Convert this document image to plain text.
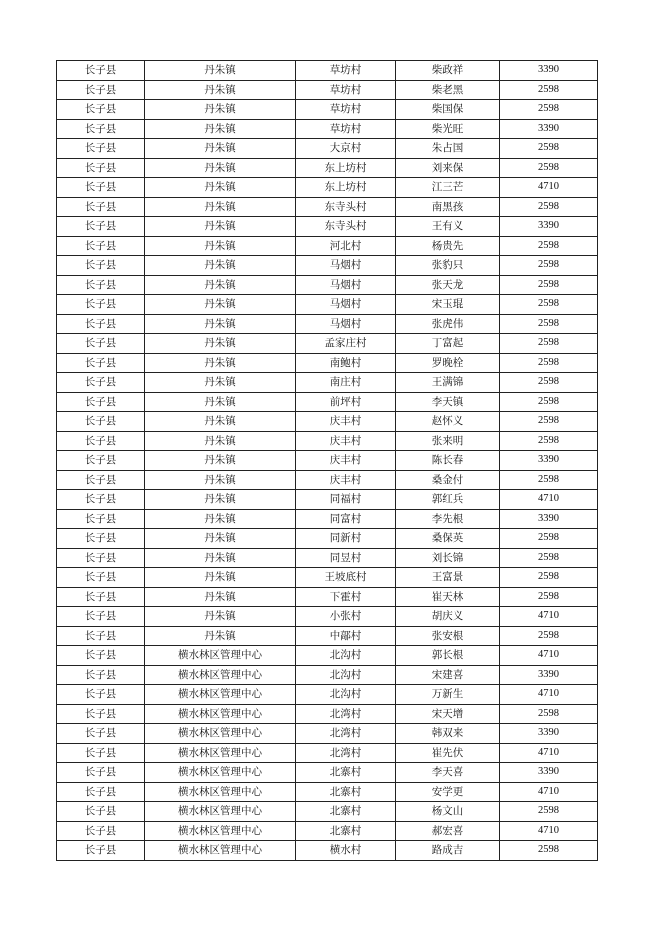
长子县	丹朱镇	草坊村	柴政祥	3390
长子县	丹朱镇	草坊村	柴老黑	2598
长子县	丹朱镇	草坊村	柴国保	2598
长子县	丹朱镇	草坊村	柴光旺	3390
长子县	丹朱镇	大京村	朱占国	2598
长子县	丹朱镇	东上坊村	刘来保	2598
长子县	丹朱镇	东上坊村	江三芒	4710
长子县	丹朱镇	东寺头村	南黑孩	2598
长子县	丹朱镇	东寺头村	王有义	3390
长子县	丹朱镇	河北村	杨贵先	2598
长子县	丹朱镇	马烟村	张豹只	2598
长子县	丹朱镇	马烟村	张天龙	2598
长子县	丹朱镇	马烟村	宋玉琨	2598
长子县	丹朱镇	马烟村	张虎伟	2598
长子县	丹朱镇	孟家庄村	丁富起	2598
长子县	丹朱镇	南鲍村	罗晚栓	2598
长子县	丹朱镇	南庄村	王满锦	2598
长子县	丹朱镇	前坪村	李天镇	2598
长子县	丹朱镇	庆丰村	赵怀义	2598
长子县	丹朱镇	庆丰村	张来明	2598
长子县	丹朱镇	庆丰村	陈长春	3390
长子县	丹朱镇	庆丰村	桑金付	2598
长子县	丹朱镇	同福村	郭红兵	4710
长子县	丹朱镇	同富村	李先根	3390
长子县	丹朱镇	同新村	桑保英	2598
长子县	丹朱镇	同昱村	刘长锦	2598
长子县	丹朱镇	王坡底村	王富景	2598
长子县	丹朱镇	下霍村	崔天林	2598
长子县	丹朱镇	小张村	胡庆义	4710
长子县	丹朱镇	中鄗村	张安根	2598
长子县	横水林区管理中心	北沟村	郭长根	4710
长子县	横水林区管理中心	北沟村	宋建喜	3390
长子县	横水林区管理中心	北沟村	万新生	4710
长子县	横水林区管理中心	北湾村	宋天增	2598
长子县	横水林区管理中心	北湾村	韩双来	3390
长子县	横水林区管理中心	北湾村	崔先伏	4710
长子县	横水林区管理中心	北寨村	李天喜	3390
长子县	横水林区管理中心	北寨村	安学更	4710
长子县	横水林区管理中心	北寨村	杨文山	2598
长子县	横水林区管理中心	北寨村	郝宏喜	4710
长子县	横水林区管理中心	横水村	路成吉	2598
